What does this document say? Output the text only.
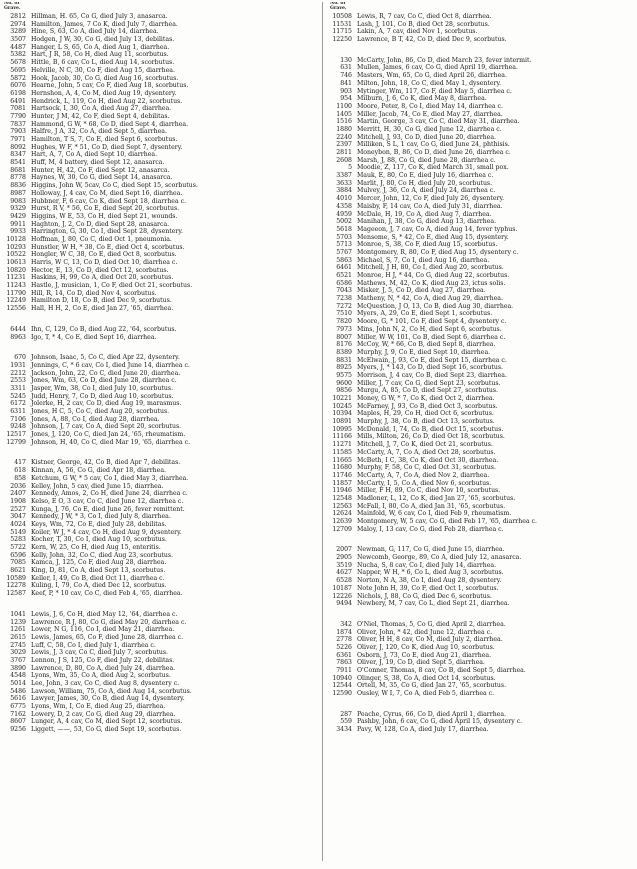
No. of
Grave.
2812 Hillman, H. 65, Co G, died July 3, anasarca.
2974 Hamilton, James, 7 Co K, died July 7, diarrhea.
3289 Hine, S, 63, Co A, died July 14, diarrhea.
3507 Hodgen, J W, 30, Co G, died July 13, debilitas.
4487 Hanger, L S, 65, Co A, died Aug 1, diarrhea.
5382 Hart, J R, 58, Co H, died Aug 11, scorbutus.
5678 Hittle, B, 6 cav, Co L, died Aug 14, scorbutus.
5695 Helville, N C, 30, Co F, died Aug 15, diarrhea.
5872 Hook, Jacob, 30, Co G, died Aug 16, scorbutus.
6076 Hearne, John, 5 cav, Co F, died Aug 18, scorbutus.
6198 Hernshon, A, 4, Co M, died Aug 19, dysentery.
6491 Hendrick, L, 119, Co H, died Aug 22, scorbutus.
7081 Hartsock, I, 30, Co A, died Aug 27, diarrhea.
7790 Hunter, J M, 42, Co F, died Sept 4, debilitas.
7837 Hammond, G W, * 68, Co D, died Sept 4, diarrhea.
7903 Halfre, J A, 32, Co A, died Sept 5, diarrhea.
7971 Hamilton, T S, 7, Co E, died Sept 6, scorbutus.
8092 Hughes, W F, * 51, Co D, died Sept 7, dysentery.
8347 Hart, A, 7, Co A, died Sept 10, diarrhea.
8541 Huff, M, 4 battery, died Sept 12, anasarca.
8681 Hunter, H, 42, Co F, died Sept 12, anasarca.
8778 Haynes, W, 30, Co G, died Sept 14, anasarca.
8836 Higgins, John W, 5cav, Co C, died Sept 15, scorbutus.
8987 Holloway, J, 4 cav, Co M, died Sept 16, diarrhea.
9083 Hubbner, F, 6 cav, Co K, died Sept 18, diarrhea c.
9329 Hurst, R V, * 56, Co E, died Sept 20, scorbutus.
9429 Higgins, W E, 53, Co H, died Sept 21, wounds.
9911 Haghton, J, 2, Co D, died Sept 28, anasarca.
9933 Harrington, G, 30, Co I, died Sept 28, dysentery.
10128 Hoffman, J, 80, Co C, died Oct 1, pneumonia.
10293 Hunstler, W H, * 38, Co E, died Oct 4, scorbutus.
10522 Hongler, W C, 38, Co E, died Oct 8, scorbutus.
10613 Harris, W C, 13, Co D, died Oct 10, diarrhea c.
10820 Hector, E, 13, Co D, died Oct 12, scorbutus.
11231 Haskins, H, 99, Co A, died Oct 20, scorbutus.
11243 Hastle, J, musician, 1, Co F, died Oct 21, scorbutus.
11790 Hill, R, 14, Co D, died Nov 4, scorbutus.
12249 Hamilton D, 18, Co B, died Dec 9, scorbutus.
12556 Hall, H H, 2, Co E, died Jan 27, '65, diarrhea.
6444 Ihn, C, 129, Co B, died Aug 22, '64, scorbutus.
8963 Igo, T, * 4, Co E, died Sept 16, diarrhea.
670 Johnson, Isaac, 5, Co C, died Apr 22, dysentery.
1931 Jennings, C, * 6 cav, Co I, died June 14, diarrhea c.
2212 Jackson, John, 22, Co C, died June 20, diarrhea.
2553 Jones, Wm, 63, Co D, died June 28, diarrhea c.
3311 Jasper, Wm, 38, Co I, died July 10, scorbutus.
5245 Judd, Henry, 7, Co D, died Aug 10, scorbutus.
6172 Jolerke, H, 2 cav, Co D, died Aug 19, marasmus.
6311 Jones, H C, 5, Co C, died Aug 20, scorbutus.
7106 Jones, A, 88, Co I, died Aug 28, diarrhea.
9248 Johnson, J, 7 cav, Co A, died Sept 20, scorbutus.
12517 Jones, J, 120, Co C, died Jan 24, '65, rheumatism.
12799 Johnson, H, 40, Co C, died Mar 19, '65, diarrhea c.
417 Kistner, George, 42, Co B, died Apr 7, debilitas.
618 Kinnan, A, 56, Co G, died Apr 18, diarrhea.
858 Ketchum, G W, * 5 cav, Co I, died May 3, diarrhea.
2036 Kelley, John, 5 cav, died June 15, diarrhea.
2407 Kennedy, Amos, 2, Co H, died June 24, diarrhea c.
1908 Kelso, E O, 3 cav, Co C, died June 12, diarrhea c.
2527 Kunga, J, 76, Co E, died June 26, fever remittent.
3047 Kennedy, J W, * 3, Co I, died July 8, diarrhea.
4024 Keys, Wm, 72, Co E, died July 28, debilitas.
5149 Koiler, W J, * 4 cav, Co H, died Aug 9, dysentery.
5283 Kocher, T, 30, Co I, died Aug 10, scorbutus.
5722 Kern, W, 25, Co H, died Aug 15, enteritis.
6596 Kelly, John, 32, Co C, died Aug 23, scorbutus.
7085 Kamca, J, 125, Co F, died Aug 28, diarrhea.
8621 King, D, 81, Co A, died Sept 13, scorbutus.
10589 Keller, I, 49, Co B, died Oct 11, diarrhea c.
12278 Kuling, I, 79, Co A, died Dec 12, scorbutus.
12587 Keef, P, * 10 cav, Co C, died Feb 4, '65, diarrhea.
1041 Lewis, J, 6, Co H, died May 12, '64, diarrhea c.
1239 Lawrence, R J, 80, Co G, died May 20, diarrhea c.
1261 Lower, N G, 116, Co I, died May 21, diarrhea.
2615 Lewis, James, 65, Co F, died June 28, diarrhea c.
2745 Luff, C, 58, Co I, died July 1, diarrhea c.
3029 Lewis, J, 3 cav, Co C, died July 7, scorbutus.
3767 Lennon, J S, 125, Co F, died July 22, debilitas.
3890 Lawrence, D, 80, Co A, died July 24, diarrhea.
4548 Lyons, Wm, 35, Co A, died Aug 2, scorbutus.
5014 Lee, John, 3 cav, Co C, died Aug 8, dysentery c.
5486 Lawson, William, 75, Co A, died Aug 14, scorbutus.
5616 Lawyer, James, 30, Co B, died Aug 14, dysentery.
6775 Lyons, Wm, I, Co E, died Aug 25, diarrhea.
7162 Lowery, D, 2 cav, Co G, died Aug 29, diarrhea.
8607 Lunger, A, 4 cav, Co M, died Sept 12, scorbutus.
9256 Liggett, ——, 53, Co G, died Sept 19, scorbutus.
No. of
Grave.
10508 Lewis, R, 7 cav, Co C, died Oct 8, diarrhea.
11531 Lash, J, 101, Co B, died Oct 28, scorbutus.
11715 Lakin, A, 7 cav, died Nov 1, scorbutus.
12250 Lawrence, B T, 42, Co D, died Dec 9, scorbutus.
130 McCarty, John, 86, Co D, died March 23, fever intermit.
631 Mullen, James, 6 cav, Co G, died April 19, diarrhea.
746 Masters, Wm, 65, Co G, died April 26, diarrhea.
841 Milton, John, 18, Co C, died May 1, dysentery.
903 Mytinger, Wm, 117, Co F, died May 5, diarrhea c.
954 Milburn, J, 6, Co K, died May 8, diarrhea.
1100 Moore, Peter, 8, Co I, died May 14, diarrhea c.
1405 Miller, Jacob, 74, Co E, died May 27, diarrhea.
1516 Martin, George, 3 cav, Co C, died May 31, diarrhea.
1880 Merritt, H, 30, Co G, died June 12, diarrhea c.
2240 Mitchell, J, 93, Co D, died June 20, diarrhea.
2397 Milliken, S L, 1 cav, Co G, died June 24, phthisis.
2811 Moneybon, B, 86, Co D, died June 26, diarrhea c.
2608 Marsh, J, 88, Co G, died June 28, diarrhea c.
5 Moodie, Z, 117, Co K, died March 31, small pox.
3387 Mauk, E, 80, Co E, died July 16, diarrhea c.
3633 Marlit, J, 80, Co H, died July 20, scorbutus.
3884 Mulvey, J, 36, Co A, died July 24, diarrhea c.
4010 Mercer, John, 12, Co F, died July 26, dysentery.
4358 Maisby, F, 14 cav, Co A, died July 31, diarrhea.
4959 McDale, H, 19, Co A, died Aug 7, diarrhea.
5002 Manihan, J, 38, Co G, died Aug 13, diarrhea.
5618 Mageeon, J, 7 cav, Co A, died Aug 14, fever typhus.
5703 Mensome, S, * 42, Co E, died Aug 15, dysentery.
5713 Monroe, S, 38, Co F, died Aug 15, scorbutus.
5767 Montgomery, R, 80, Co F, died Aug 15, dysentery c.
5863 Michael, S, 7, Co I, died Aug 16, diarrhea.
6461 Mitchell, J H, 80, Co I, died Aug 20, scorbutus.
6521 Monroe, H J, * 44, Co G, died Aug 22, scorbutus.
6586 Mathews, M, 42, Co K, died Aug 23, ictus solis.
7043 Misker, J, 5, Co D, died Aug 27, diarrhea.
7238 Matheny, N, * 42, Co A, died Aug 29, diarrhea.
7272 McQuestion, J O, 13, Co B, died Aug 30, diarrhea.
7510 Myers, A, 29, Co E, died Sept 1, scorbutus.
7820 Moore, G, * 101, Co F, died Sept 4, dysentery c.
7973 Mins, John N, 2, Co H, died Sept 6, scorbutus.
8007 Miller, W W, 101, Co B, died Sept 6, diarrhea c.
8176 McCoy, W, * 66, Co B, died Sept 8, diarrhea.
8389 Murphy, J, 9, Co E, died Sept 10, diarrhea.
8831 McElwain, J, 93, Co E, died Sept 15, diarrhea c.
8925 Myers, J, * 143, Co D, died Sept 16, scorbutus.
9575 Morrison, J, 4 cav, Co B, died Sept 23, diarrhea.
9600 Miller, J, 7 cav, Co G, died Sept 23, scorbutus.
9856 Murgu, A, 85, Co D, died Sept 27, scorbutus.
10221 Money, G W, * 7, Co K, died Oct 2, diarrhea.
10245 McFarney, J, 93, Co B, died Oct 3, scorbutus.
10394 Maples, H, 29, Co H, died Oct 6, scorbutus.
10891 Murphy, J, 38, Co B, died Oct 13, scorbutus.
10995 McDonald, I, 74, Co B, died Oct 15, scorbutus.
11166 Mills, Milton, 26, Co D, died Oct 18, scorbutus.
11271 Mitchell, J, 7, Co K, died Oct 21, scorbutus.
11585 McCarty, A, 7, Co A, died Oct 28, scorbutus.
11665 McBeth, I C, 38, Co K, died Oct 30, diarrhea.
11680 Murphy, F, 58, Co C, died Oct 31, scorbutus.
11746 McCarty, A, 7, Co A, died Nov 2, diarrhea.
11857 McCarty, I, 5, Co A, died Nov 6, scorbutus.
11946 Miller, F H, 89, Co C, died Nov 10, scorbutus.
12548 Madloner, L, 12, Co K, died Jan 27, '65, scorbutus.
12563 McFall, I, 80, Co A, died Jan 31, '65, scorbutus.
12624 Mainfold, W, 6 cav, Co I, died Feb 9, rheumatism.
12639 Montgomery, W, 5 cav, Co G, died Feb 17, '65, diarrhea c.
12709 Maloy, I, 13 cav, Co G, died Feb 28, diarrhea c.
2007 Newman, G, 117, Co G, died June 15, diarrhea.
2905 Newcomb, George, 89, Co A, died July 12, anasarca.
3519 Nucha, S, 8 cav, Co I, died July 14, diarrhea.
4627 Napper, W H, * 6, Co L, died Aug 3, scorbutus.
6528 Norton, N A, 38, Co I, died Aug 28, dysentery.
10187 Note John H, 39, Co F, died Oct 1, scorbutus.
12226 Nichols, J, 88, Co G, died Dec 6, scorbutus.
9494 Newbery, M, 7 cav, Co L, died Sept 21, diarrhea.
342 O'Niel, Thomas, 5, Co G, died April 2, diarrhea.
1874 Oliver, John, * 42, died June 12, diarrhea c.
2778 Oliver, H H, 8 cav, Co M, died July 2, diarrhea.
5226 Oliver, J, 120, Co K, died Aug 10, scorbutus.
6361 Osborn, J, 73, Co E, died Aug 21, diarrhea.
7863 Oliver, J, 19, Co D, died Sept 5, diarrhea.
7911 O'Conner, Thomas, 8 cav, Co B, died Sept 5, diarrhea.
10940 Olinger, S, 38, Co A, died Oct 14, scorbutus.
12544 Ortell, M, 35, Co G, died Jan 27, '65, scorbutus.
12590 Ousley, W I, 7, Co A, died Feb 5, diarrhea c.
287 Peache, Cyrus, 66, Co D, died April 1, diarrhea.
559 Pashby, John, 6 cav, Co G, died April 15, dysentery c.
3434 Pavy, W, 128, Co A, died July 17, diarrhea.
